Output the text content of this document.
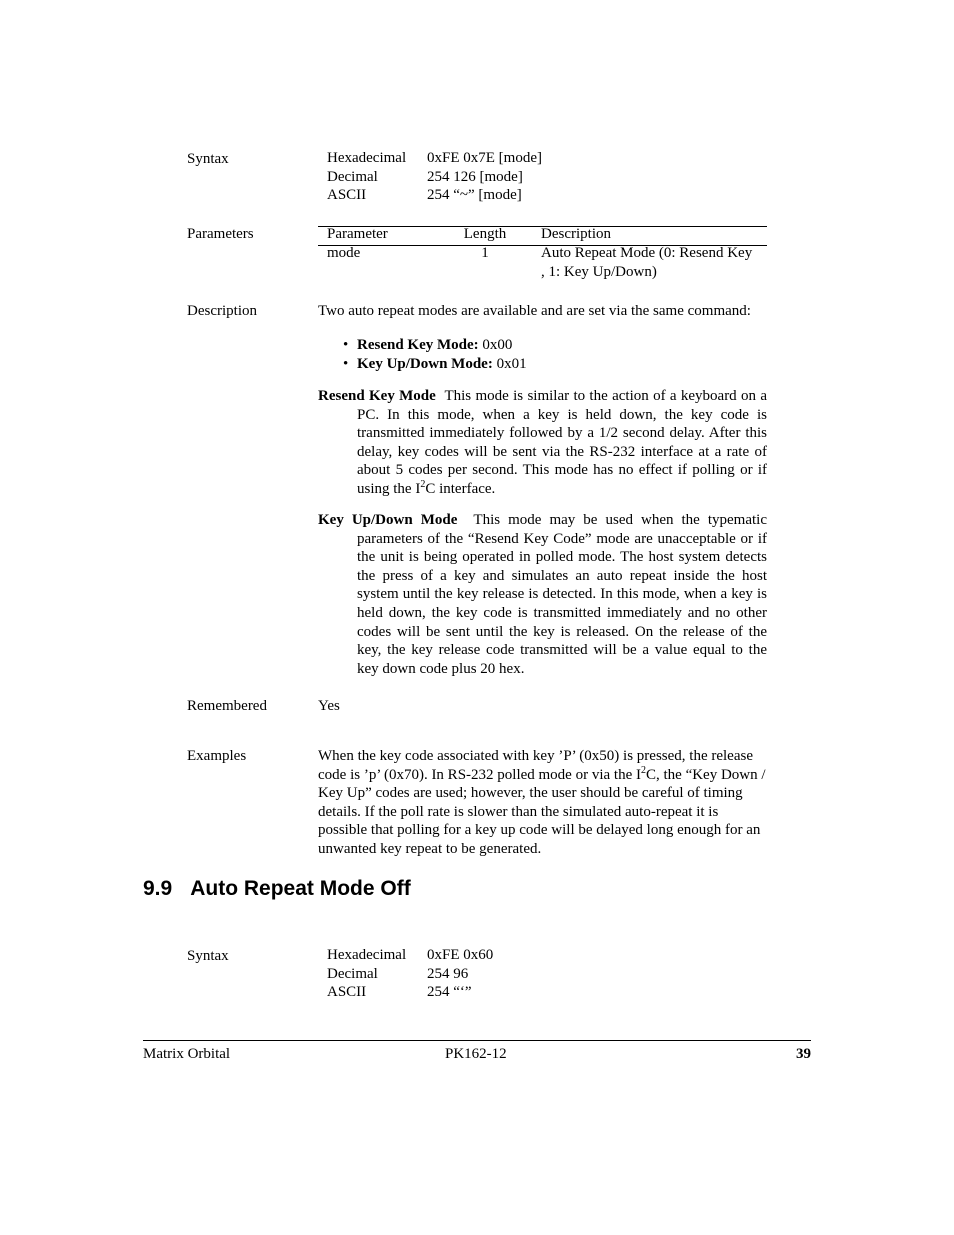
Syntax	Hexadecimal	0xFE 0x7E [mode]
Decimal	254 126 [mode]
ASCII	254 “~” [mode]
Parameters	Parameter	Length	Description
mode	1	Auto Repeat Mode (0: Resend Key
, 1: Key Up/Down)
Description	Two auto repeat modes are available and are set via the same command:
• Resend Key Mode: 0x00
• Key Up/Down Mode: 0x01
Resend Key Mode This mode is similar to the action of a keyboard on a PC. In this mode, when a key is held down, the key code is transmitted immediately followed by a 1/2 second delay. After this delay, key codes will be sent via the RS-232 interface at a rate of about 5 codes per second. This mode has no effect if polling or if using the $I^2C$ interface.
Key Up/Down Mode This mode may be used when the typematic parameters of the “Resend Key Code” mode are unacceptable or if the unit is being operated in polled mode. The host system detects the press of a key and simulates an auto repeat inside the host system until the key release is detected. In this mode, when a key is held down, the key code is transmitted immediately and no other codes will be sent until the key is released. On the release of the key, the key release code transmitted will be a value equal to the key down code plus 20 hex.
Remembered	Yes
Examples	When the key code associated with key ’P’ (0x50) is pressed, the release code is ’p’ (0x70). In RS-232 polled mode or via the $I^2C$, the “Key Down / Key Up” codes are used; however, the user should be careful of timing details. If the poll rate is slower than the simulated auto-repeat it is possible that polling for a key up code will be delayed long enough for an unwanted key repeat to be generated.
9.9 Auto Repeat Mode Off
Syntax	Hexadecimal	0xFE 0x60
Decimal	254 96
ASCII	254 “‘”
Matrix Orbital	PK162-12	39
